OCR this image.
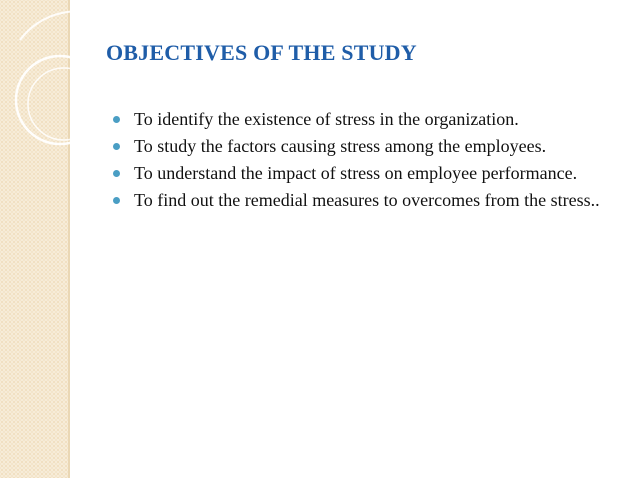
OBJECTIVES OF THE STUDY
To identify the existence of stress in the organization.
To study the factors causing stress among the employees.
To understand the impact of stress on employee performance.
To find out the remedial measures to overcomes from the stress..
